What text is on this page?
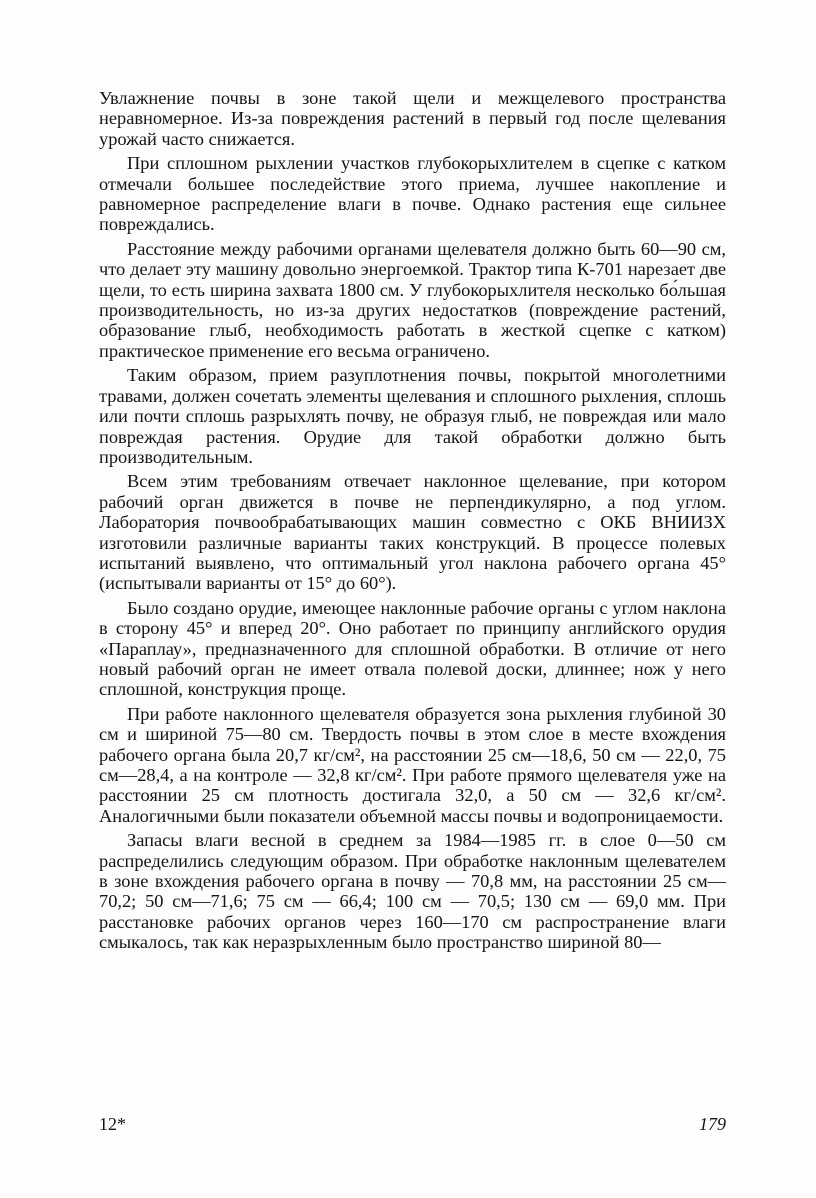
Увлажнение почвы в зоне такой щели и межщелевого пространства неравномерное. Из-за повреждения растений в первый год после щелевания урожай часто снижается.

При сплошном рыхлении участков глубокорыхлителем в сцепке с катком отмечали большее последействие этого приема, лучшее накопление и равномерное распределение влаги в почве. Однако растения еще сильнее повреждались.

Расстояние между рабочими органами щелевателя должно быть 60—90 см, что делает эту машину довольно энергоемкой. Трактор типа К-701 нарезает две щели, то есть ширина захвата 1800 см. У глубокорыхлителя несколько бо́льшая производительность, но из-за других недостатков (повреждение растений, образование глыб, необходимость работать в жесткой сцепке с катком) практическое применение его весьма ограничено.

Таким образом, прием разуплотнения почвы, покрытой многолетними травами, должен сочетать элементы щелевания и сплошного рыхления, сплошь или почти сплошь разрыхлять почву, не образуя глыб, не повреждая или мало повреждая растения. Орудие для такой обработки должно быть производительным.

Всем этим требованиям отвечает наклонное щелевание, при котором рабочий орган движется в почве не перпендикулярно, а под углом. Лаборатория почвообрабатывающих машин совместно с ОКБ ВНИИЗХ изготовили различные варианты таких конструкций. В процессе полевых испытаний выявлено, что оптимальный угол наклона рабочего органа 45° (испытывали варианты от 15° до 60°).

Было создано орудие, имеющее наклонные рабочие органы с углом наклона в сторону 45° и вперед 20°. Оно работает по принципу английского орудия «Параплау», предназначенного для сплошной обработки. В отличие от него новый рабочий орган не имеет отвала полевой доски, длиннее; нож у него сплошной, конструкция проще.

При работе наклонного щелевателя образуется зона рыхления глубиной 30 см и шириной 75—80 см. Твердость почвы в этом слое в месте вхождения рабочего органа была 20,7 кг/см², на расстоянии 25 см—18,6, 50 см — 22,0, 75 см—28,4, а на контроле — 32,8 кг/см². При работе прямого щелевателя уже на расстоянии 25 см плотность достигала 32,0, а 50 см — 32,6 кг/см². Аналогичными были показатели объемной массы почвы и водопроницаемости.

Запасы влаги весной в среднем за 1984—1985 гг. в слое 0—50 см распределились следующим образом. При обработке наклонным щелевателем в зоне вхождения рабочего органа в почву — 70,8 мм, на расстоянии 25 см—70,2; 50 см—71,6; 75 см — 66,4; 100 см — 70,5; 130 см — 69,0 мм. При расстановке рабочих органов через 160—170 см распространение влаги смыкалось, так как неразрыхленным было пространство шириной 80—

12*	179
